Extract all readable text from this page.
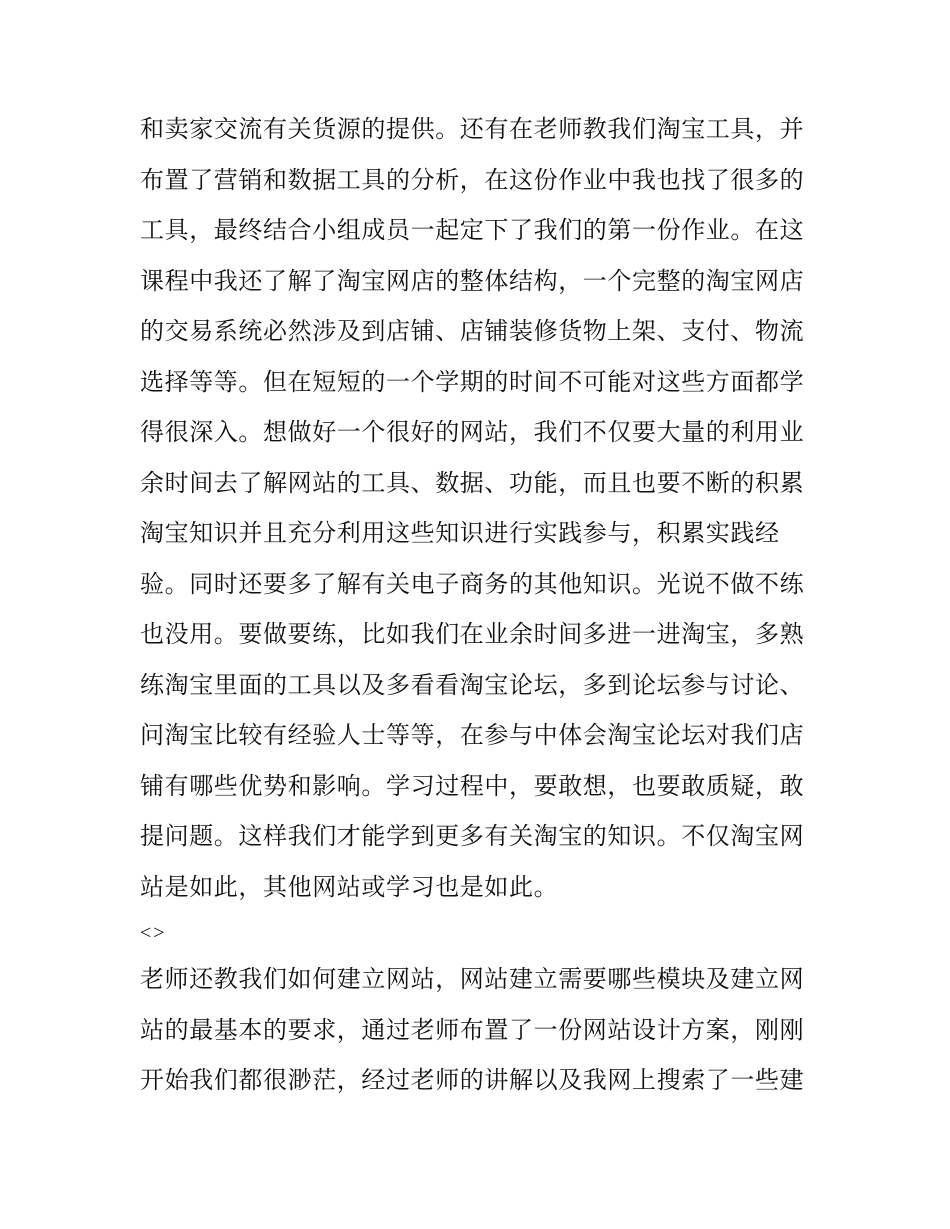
和卖家交流有关货源的提供。还有在老师教我们淘宝工具，并
布置了营销和数据工具的分析，在这份作业中我也找了很多的
工具，最终结合小组成员一起定下了我们的第一份作业。在这
课程中我还了解了淘宝网店的整体结构，一个完整的淘宝网店
的交易系统必然涉及到店铺、店铺装修货物上架、支付、物流
选择等等。但在短短的一个学期的时间不可能对这些方面都学
得很深入。想做好一个很好的网站，我们不仅要大量的利用业
余时间去了解网站的工具、数据、功能，而且也要不断的积累
淘宝知识并且充分利用这些知识进行实践参与，积累实践经
验。同时还要多了解有关电子商务的其他知识。光说不做不练
也没用。要做要练，比如我们在业余时间多进一进淘宝，多熟
练淘宝里面的工具以及多看看淘宝论坛，多到论坛参与讨论、
问淘宝比较有经验人士等等，在参与中体会淘宝论坛对我们店
铺有哪些优势和影响。学习过程中，要敢想，也要敢质疑，敢
提问题。这样我们才能学到更多有关淘宝的知识。不仅淘宝网
站是如此，其他网站或学习也是如此。
<>
老师还教我们如何建立网站，网站建立需要哪些模块及建立网
站的最基本的要求，通过老师布置了一份网站设计方案，刚刚
开始我们都很渺茫，经过老师的讲解以及我网上搜索了一些建
